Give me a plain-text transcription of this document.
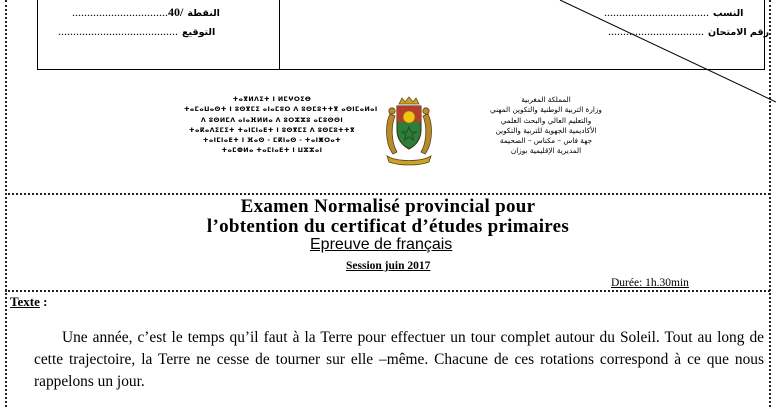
................................40/ النقطة
........................................ التوقيع
................................... النسب
................................ رقم الامتحان
ⵜⴰⴳⵍⴷⵉⵜ ⵏ ⵍⵎⵖⵔⵉⴱ
ⵜⴰⵎⴰⵡⴰⵙⵜ ⵏ ⵓⵙⴳⵎⵉ ⴰⵏⴰⵎⵓⵔ ⴷ ⵓⵙⵎⵓⵜⵜⴳ ⴰⵙⵏⵎⴰⵍⴰⵏ
ⴷ ⵓⵙⵍⵎⴷ ⴰⵏⴰⴼⵍⵍⴰ ⴷ ⵓⵔⵣⵣⵓ ⴰⵎⵓⵙⵙⵏ
ⵜⴰⴽⴰⴷⵉⵎⵉⵜ ⵜⴰⵏⵎⵏⴰⴹⵜ ⵏ ⵓⵙⴳⵎⵉ ⴷ ⵓⵙⵎⵓⵜⵜⴳ
ⵜⴰⵏⵎⵏⴰⴹⵜ ⵏ ⴼⴰⵙ - ⵎⴽⵏⴰⵙ - ⵜⴰⵏⵥⵔⴰⵜ
ⵜⴰⵎⵀⵍⴰ ⵜⴰⵎⵏⴰⴹⵜ ⵏ ⵡⵣⵣⴰⵏ
المملكة المغربية
وزارة التربية الوطنية والتكوين المهني
والتعليم العالي والبحث العلمي
الأكاديمية الجهوية للتربية والتكوين
جهة فاس – مكناس – الصحيمة
المديرية الإقليمية بوزان
Examen Normalisé provincial pour
l’obtention du certificat d’études primaires
Epreuve de français
Session juin 2017
Durée: 1h.30min
Texte :
Une année, c’est le temps qu’il faut à la Terre pour effectuer un tour complet autour du Soleil. Tout au long de cette trajectoire, la Terre ne cesse de tourner sur elle –même. Chacune de ces rotations correspond à ce que nous rappelons un jour.
